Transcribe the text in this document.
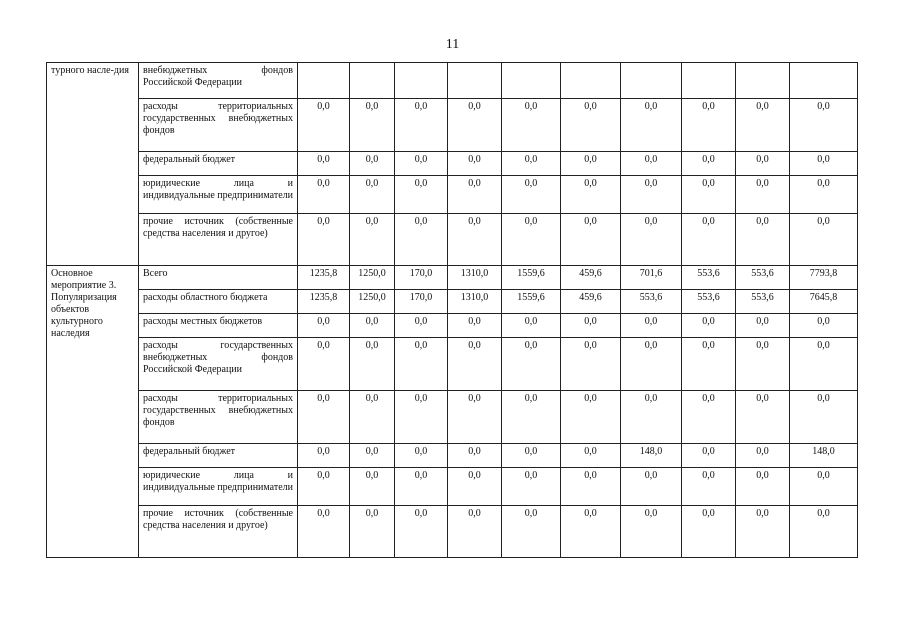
11
турного насле-дия	внебюджетных фондов Российской Федерации										
	расходы территориальных государственных внебюджетных фондов	0,0	0,0	0,0	0,0	0,0	0,0	0,0	0,0	0,0	0,0
	федеральный бюджет	0,0	0,0	0,0	0,0	0,0	0,0	0,0	0,0	0,0	0,0
	юридические лица и индивидуальные предприниматели	0,0	0,0	0,0	0,0	0,0	0,0	0,0	0,0	0,0	0,0
	прочие источник (собственные средства населения и другое)	0,0	0,0	0,0	0,0	0,0	0,0	0,0	0,0	0,0	0,0
Основное мероприятие 3. Популяризация объектов культурного наследия	Всего	1235,8	1250,0	170,0	1310,0	1559,6	459,6	701,6	553,6	553,6	7793,8
	расходы областного бюджета	1235,8	1250,0	170,0	1310,0	1559,6	459,6	553,6	553,6	553,6	7645,8
	расходы местных бюджетов	0,0	0,0	0,0	0,0	0,0	0,0	0,0	0,0	0,0	0,0
	расходы государственных внебюджетных фондов Российской Федерации	0,0	0,0	0,0	0,0	0,0	0,0	0,0	0,0	0,0	0,0
	расходы территориальных государственных внебюджетных фондов	0,0	0,0	0,0	0,0	0,0	0,0	0,0	0,0	0,0	0,0
	федеральный бюджет	0,0	0,0	0,0	0,0	0,0	0,0	148,0	0,0	0,0	148,0
	юридические лица и индивидуальные предприниматели	0,0	0,0	0,0	0,0	0,0	0,0	0,0	0,0	0,0	0,0
	прочие источник (собственные средства населения и другое)	0,0	0,0	0,0	0,0	0,0	0,0	0,0	0,0	0,0	0,0
